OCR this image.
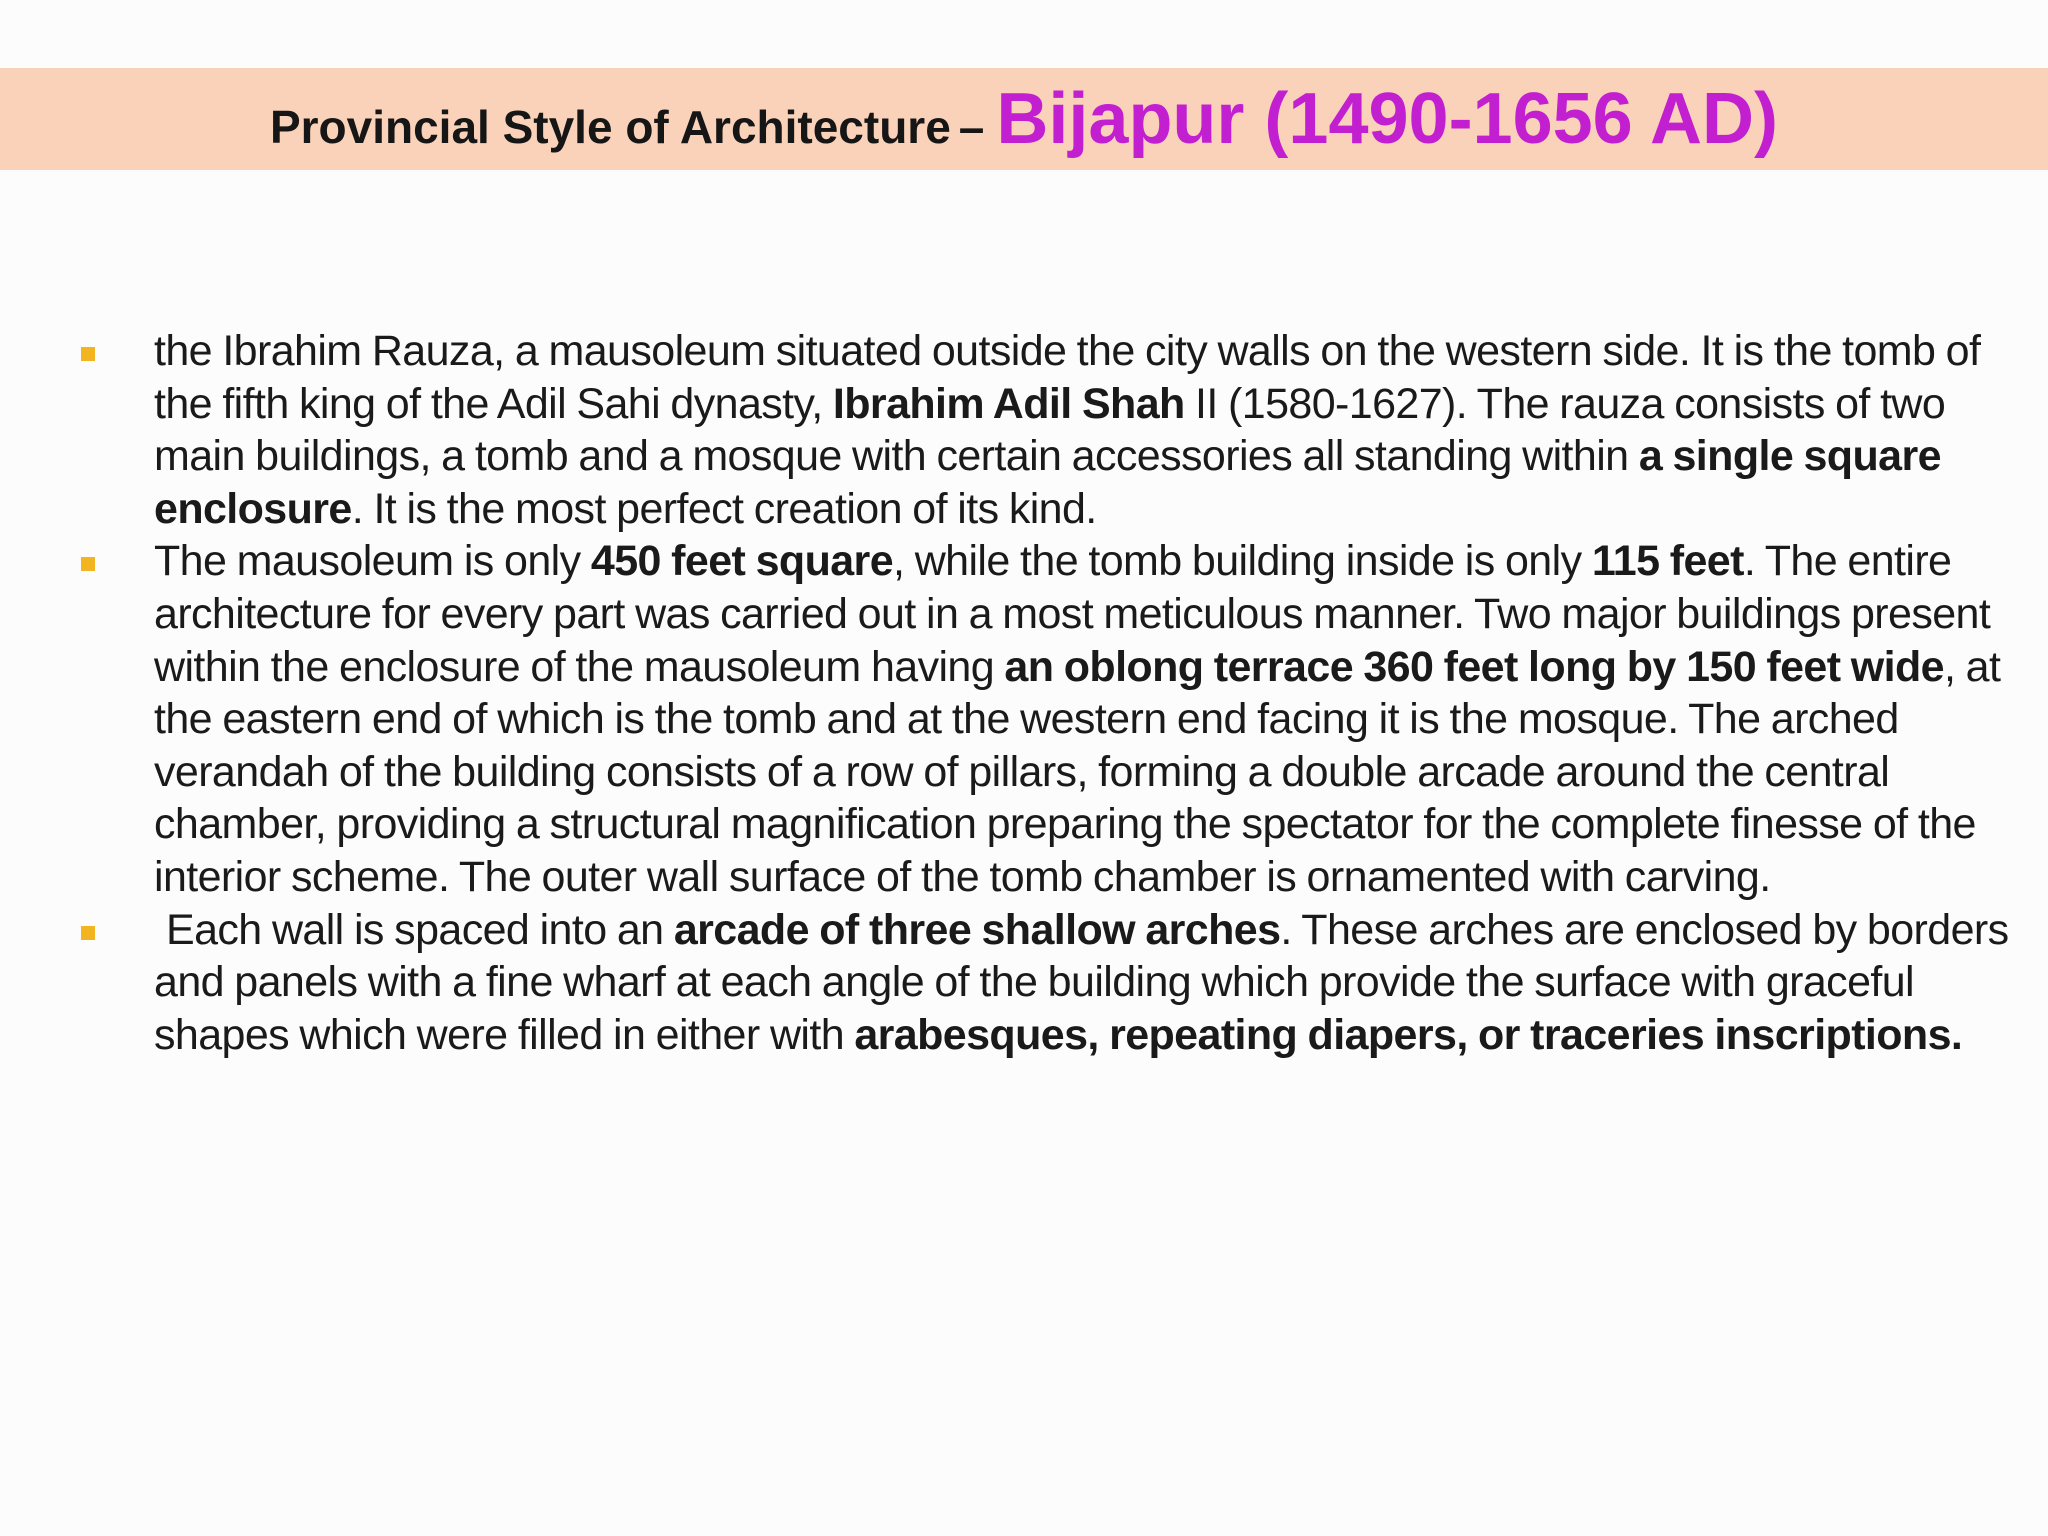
Provincial Style of Architecture – Bijapur (1490-1656 AD)
the Ibrahim Rauza, a mausoleum situated outside the city walls on the western side. It is the tomb of the fifth king of the Adil Sahi dynasty, Ibrahim Adil Shah II (1580-1627). The rauza consists of two main buildings, a tomb and a mosque with certain accessories all standing within a single square enclosure. It is the most perfect creation of its kind.
The mausoleum is only 450 feet square, while the tomb building inside is only 115 feet. The entire architecture for every part was carried out in a most meticulous manner. Two major buildings present within the enclosure of the mausoleum having an oblong terrace 360 feet long by 150 feet wide, at the eastern end of which is the tomb and at the western end facing it is the mosque. The arched verandah of the building consists of a row of pillars, forming a double arcade around the central chamber, providing a structural magnification preparing the spectator for the complete finesse of the interior scheme. The outer wall surface of the tomb chamber is ornamented with carving.
Each wall is spaced into an arcade of three shallow arches. These arches are enclosed by borders and panels with a fine wharf at each angle of the building which provide the surface with graceful shapes which were filled in either with arabesques, repeating diapers, or traceries inscriptions.
